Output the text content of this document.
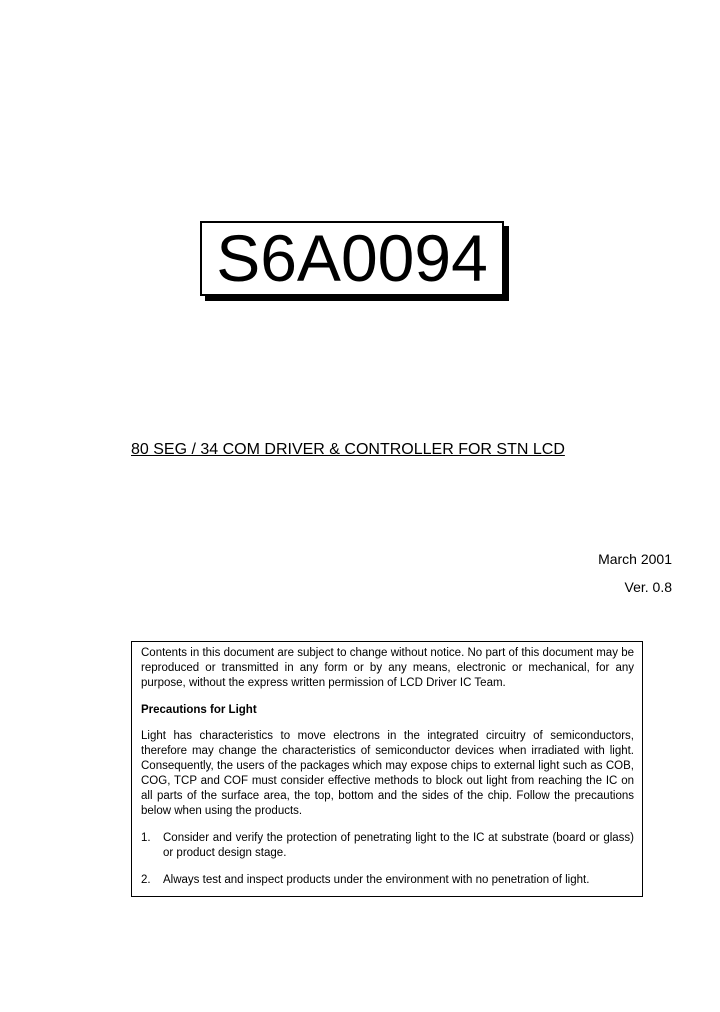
S6A0094
80 SEG / 34 COM DRIVER & CONTROLLER FOR STN LCD
March 2001
Ver. 0.8

Contents in this document are subject to change without notice. No part of this document may be reproduced or transmitted in any form or by any means, electronic or mechanical, for any purpose, without the express written permission of LCD Driver IC Team.

Precautions for Light

Light has characteristics to move electrons in the integrated circuitry of semiconductors, therefore may change the characteristics of semiconductor devices when irradiated with light. Consequently, the users of the packages which may expose chips to external light such as COB, COG, TCP and COF must consider effective methods to block out light from reaching the IC on all parts of the surface area, the top, bottom and the sides of the chip. Follow the precautions below when using the products.

1.	Consider and verify the protection of penetrating light to the IC at substrate (board or glass) or product design stage.
2.	Always test and inspect products under the environment with no penetration of light.
